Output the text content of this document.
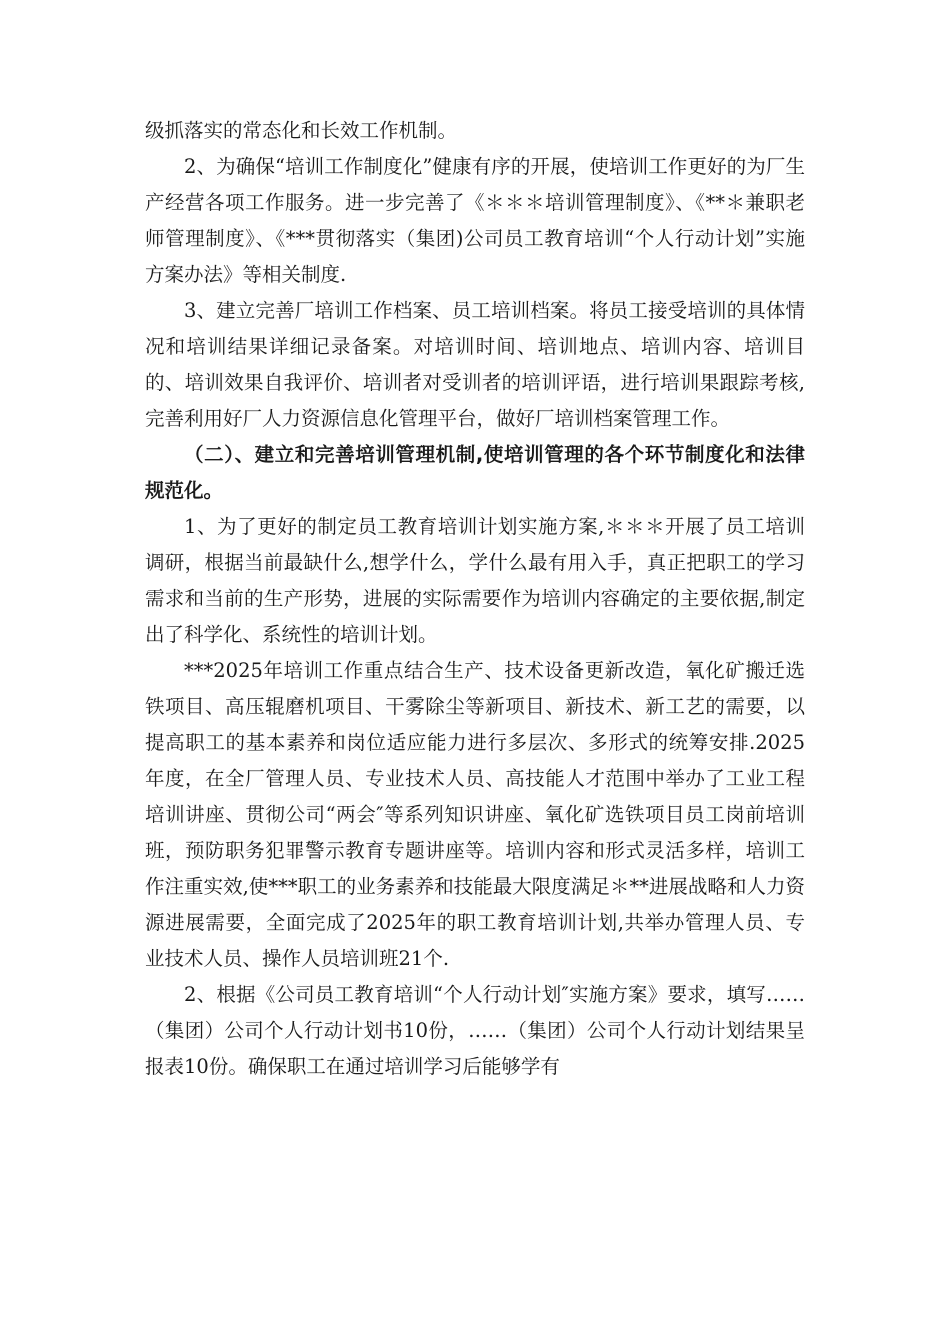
级抓落实的常态化和长效工作机制。

2、为确保“培训工作制度化”健康有序的开展，使培训工作更好的为厂生产经营各项工作服务。进一步完善了《＊＊＊培训管理制度》、《**＊兼职老师管理制度》、《***贯彻落实（集团)公司员工教育培训“个人行动计划”实施方案办法》等相关制度.

3、建立完善厂培训工作档案、员工培训档案。将员工接受培训的具体情况和培训结果详细记录备案。对培训时间、培训地点、培训内容、培训目的、培训效果自我评价、培训者对受训者的培训评语，进行培训果跟踪考核,完善利用好厂人力资源信息化管理平台，做好厂培训档案管理工作。

（二）、建立和完善培训管理机制,使培训管理的各个环节制度化和法律规范化。

1、为了更好的制定员工教育培训计划实施方案,＊＊＊开展了员工培训调研，根据当前最缺什么,想学什么，学什么最有用入手，真正把职工的学习需求和当前的生产形势，进展的实际需要作为培训内容确定的主要依据,制定出了科学化、系统性的培训计划。

***2025年培训工作重点结合生产、技术设备更新改造，氧化矿搬迁选铁项目、高压辊磨机项目、干雾除尘等新项目、新技术、新工艺的需要，以提高职工的基本素养和岗位适应能力进行多层次、多形式的统筹安排.2025年度，在全厂管理人员、专业技术人员、高技能人才范围中举办了工业工程培训讲座、贯彻公司“两会″等系列知识讲座、氧化矿选铁项目员工岗前培训班，预防职务犯罪警示教育专题讲座等。培训内容和形式灵活多样，培训工作注重实效,使***职工的业务素养和技能最大限度满足＊**进展战略和人力资源进展需要，全面完成了2025年的职工教育培训计划,共举办管理人员、专业技术人员、操作人员培训班21个.

2、根据《公司员工教育培训“个人行动计划″实施方案》要求，填写……（集团）公司个人行动计划书10份，……（集团）公司个人行动计划结果呈报表10份。确保职工在通过培训学习后能够学有
